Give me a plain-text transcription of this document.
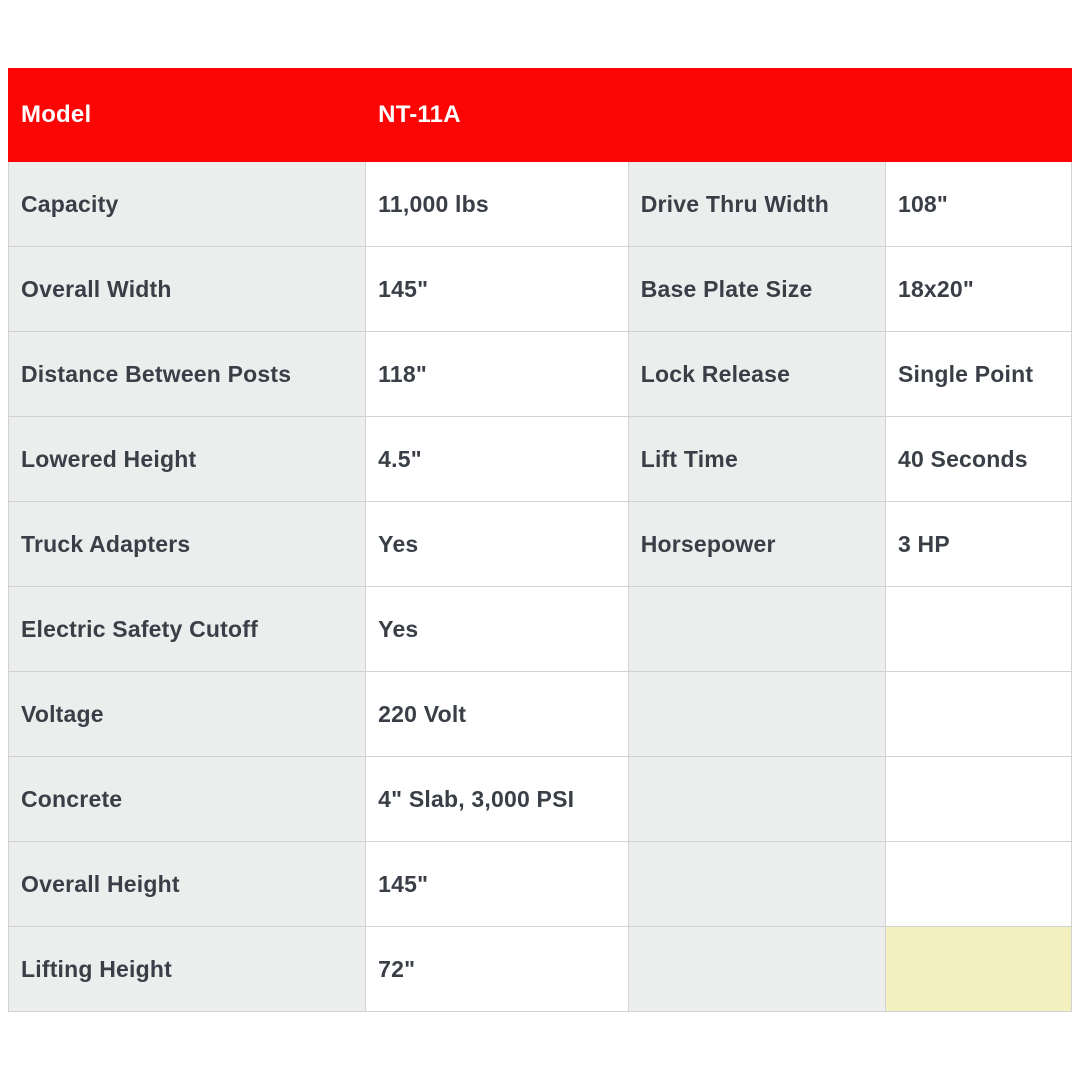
Model	NT-11A		
Capacity	11,000 lbs	Drive Thru Width	108"
Overall Width	145"	Base Plate Size	18x20"
Distance Between Posts	118"	Lock Release	Single Point
Lowered Height	4.5"	Lift Time	40 Seconds
Truck Adapters	Yes	Horsepower	3 HP
Electric Safety Cutoff	Yes		
Voltage	220 Volt		
Concrete	4" Slab, 3,000 PSI		
Overall Height	145"		
Lifting Height	72"		
